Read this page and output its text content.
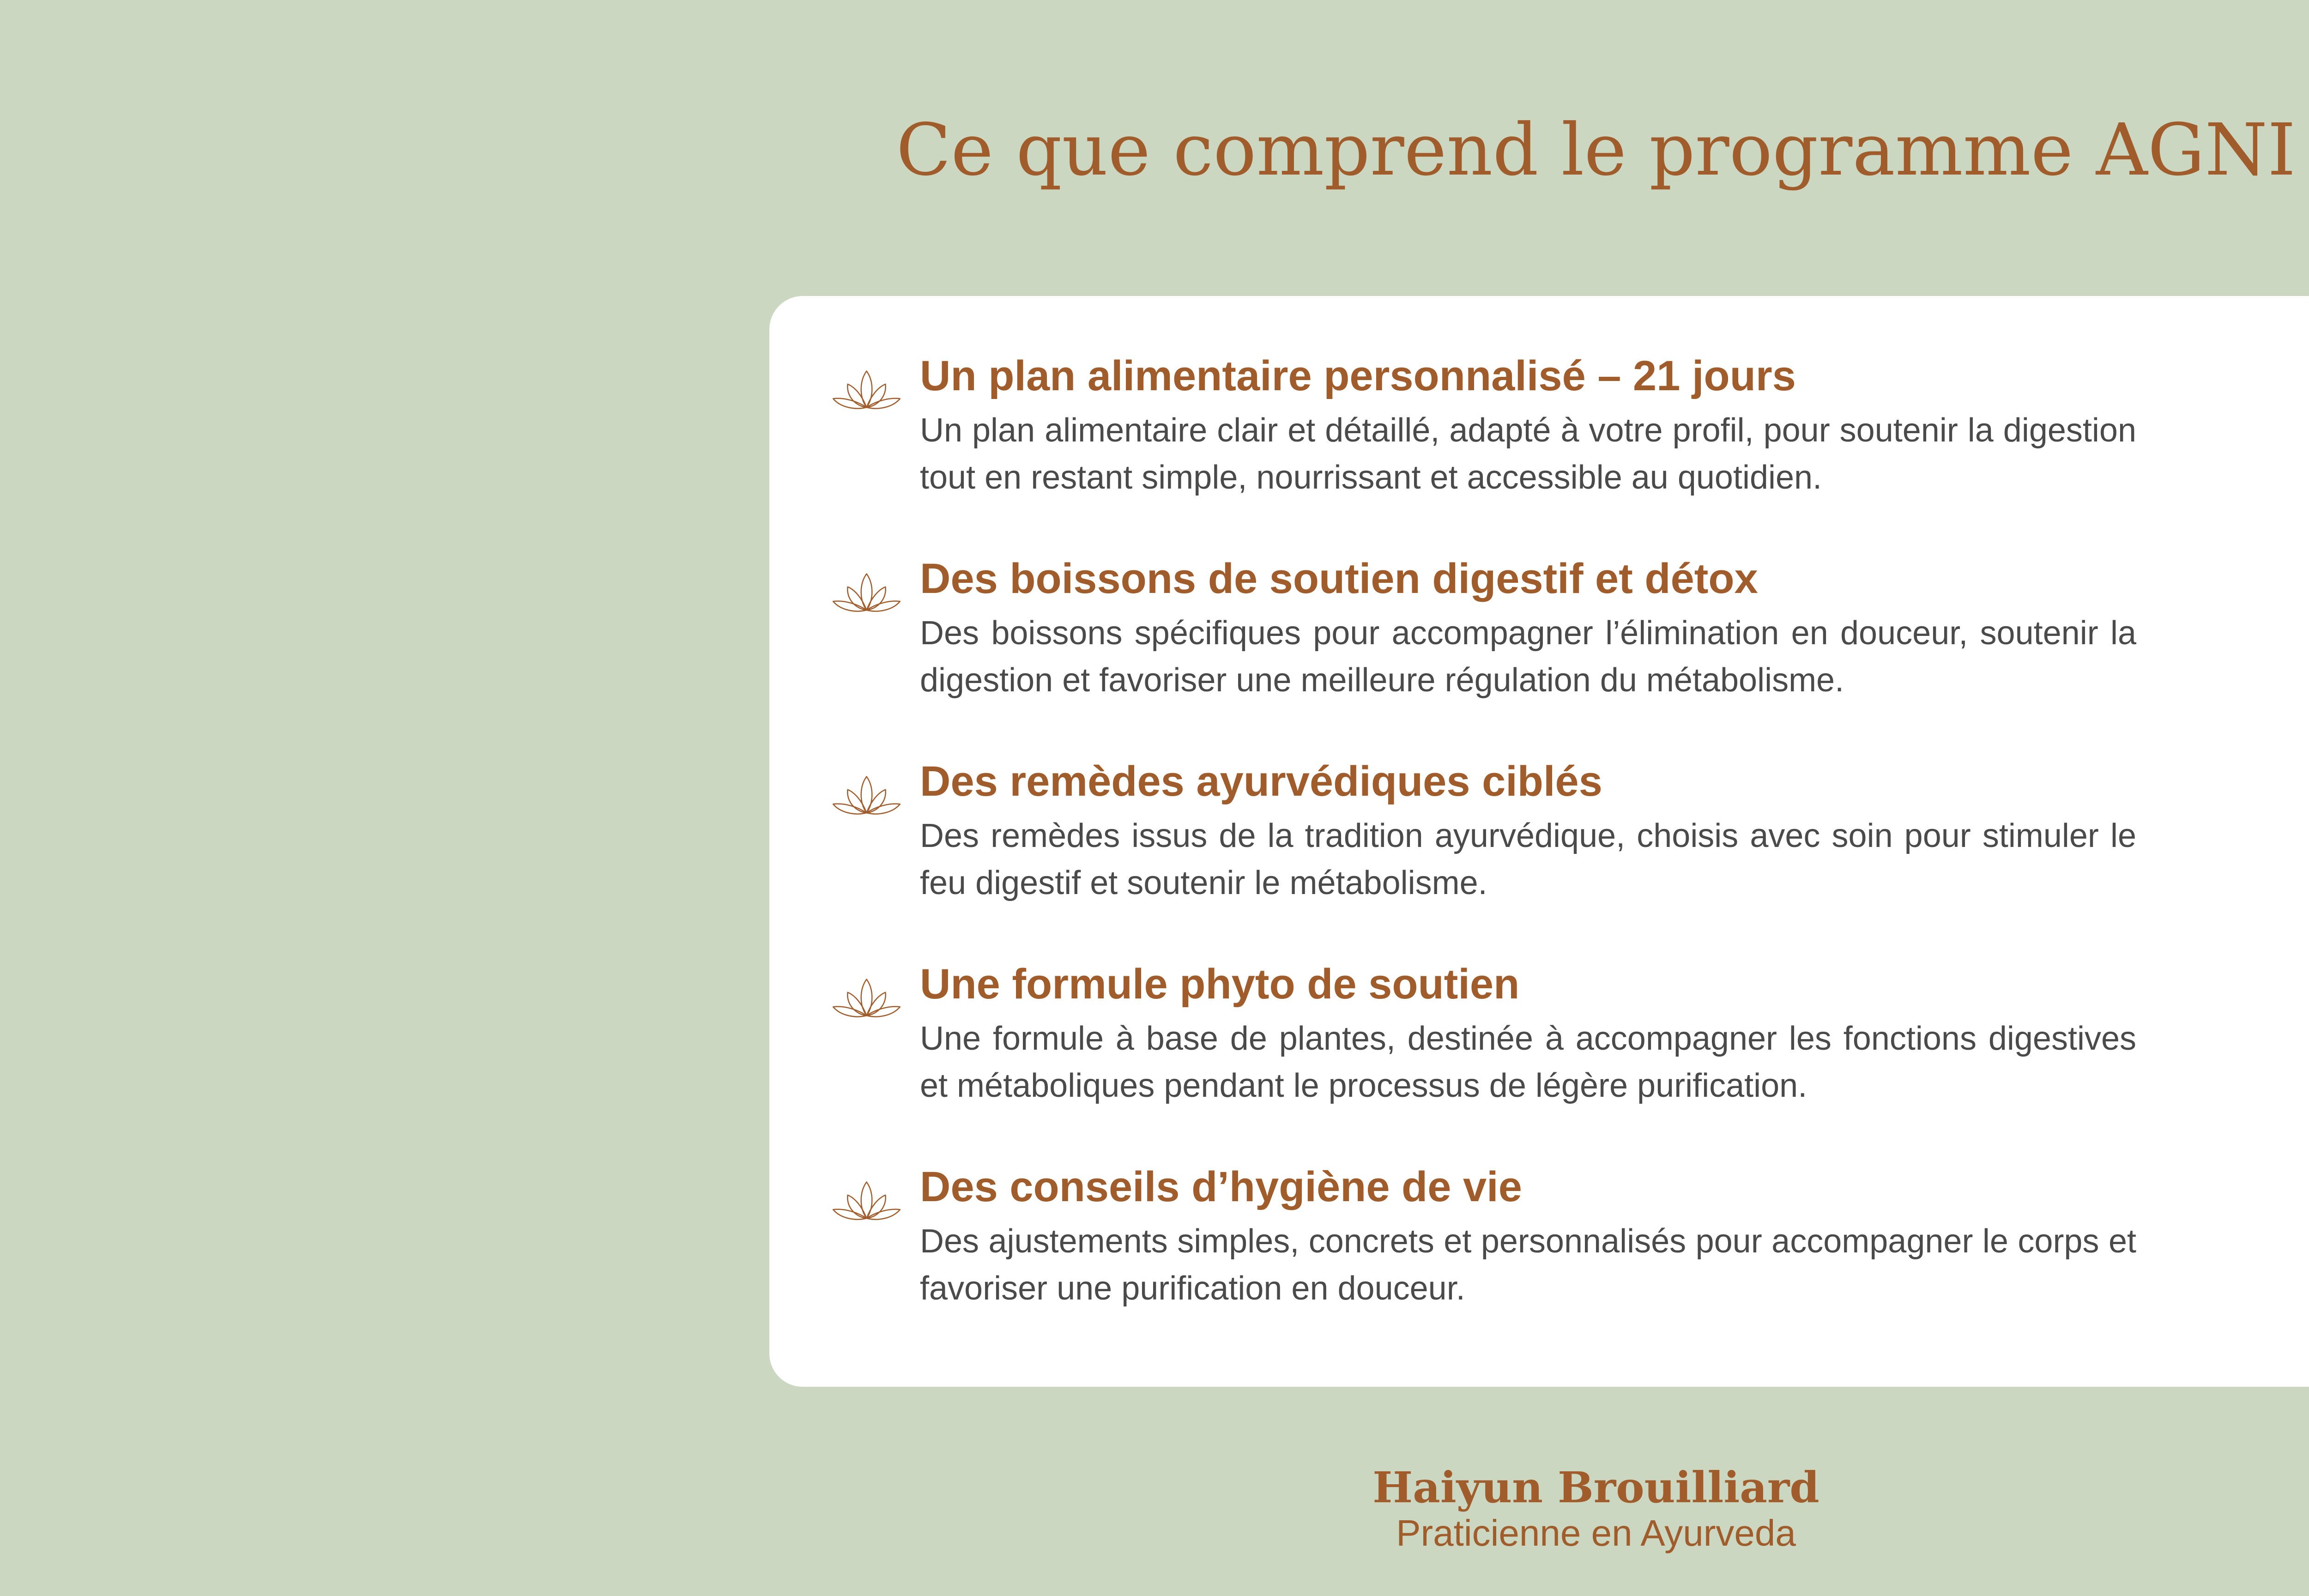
Ce que comprend le programme AGNI
Un plan alimentaire personnalisé – 21 jours

Un plan alimentaire clair et détaillé, adapté à votre profil, pour soutenir la digestion tout en restant simple, nourrissant et accessible au quotidien.

Des boissons de soutien digestif et détox

Des boissons spécifiques pour accompagner l’élimination en douceur, soutenir la digestion et favoriser une meilleure régulation du métabolisme.

Des remèdes ayurvédiques ciblés

Des remèdes issus de la tradition ayurvédique, choisis avec soin pour stimuler le feu digestif et soutenir le métabolisme.

Une formule phyto de soutien

Une formule à base de plantes, destinée à accompagner les fonctions digestives et métaboliques pendant le processus de légère purification.

Des conseils d’hygiène de vie

Des ajustements simples, concrets et personnalisés pour accompagner le corps et favoriser une purification en douceur.

Haiyun Brouilliard
Praticienne en Ayurveda
